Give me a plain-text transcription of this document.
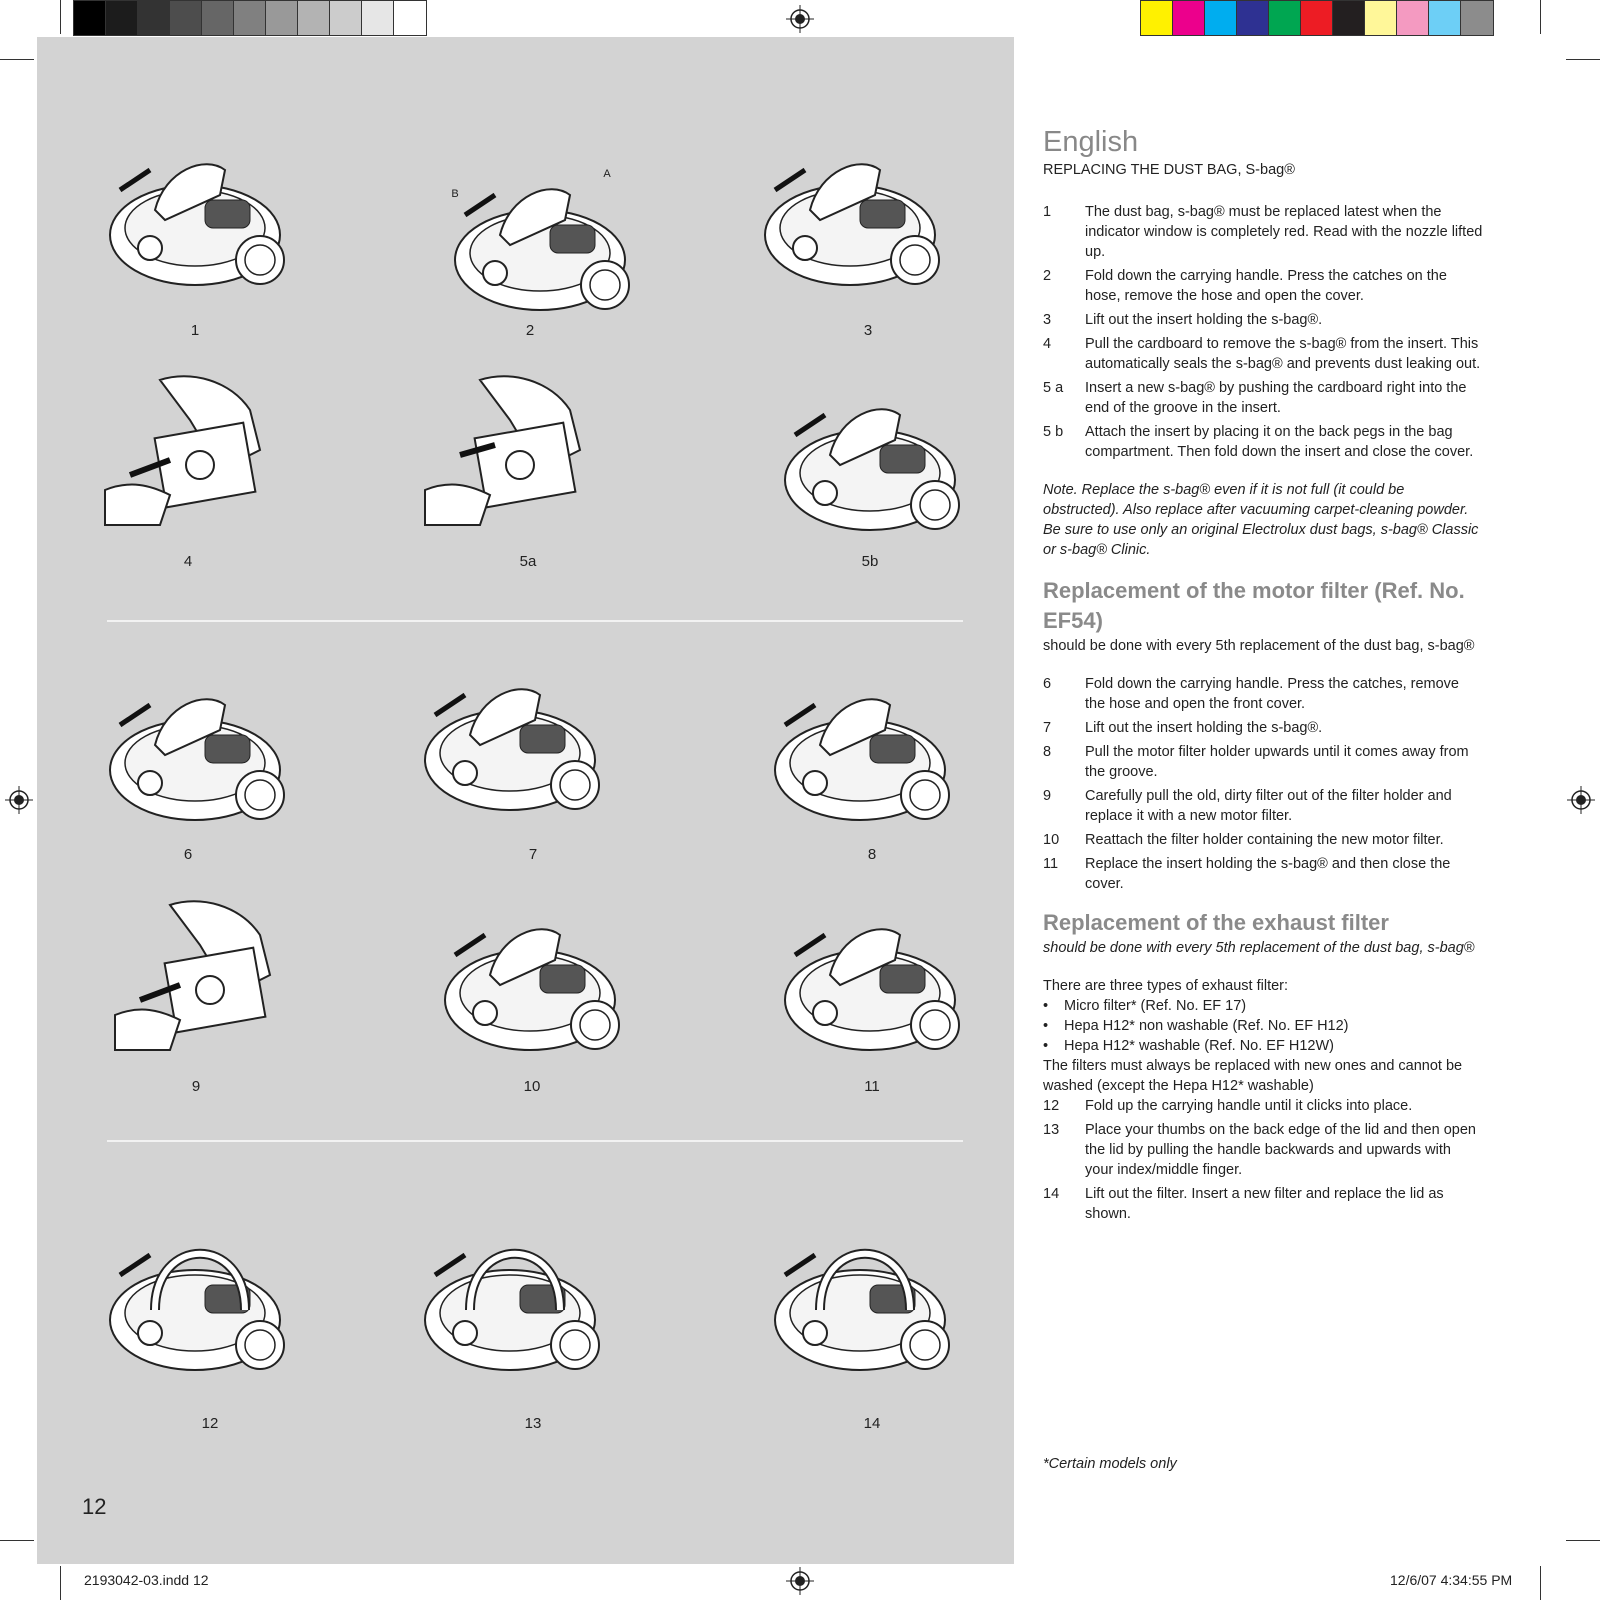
1	2	3
4	5a	5b
6	7	8
9	10	11
12	13	14
A
B
12
English
REPLACING THE DUST BAG, S-bag®
1	The dust bag, s-bag® must be replaced latest when the indicator window is completely red. Read with the nozzle lifted up.
2	Fold down the carrying handle. Press the catches on the hose, remove the hose and open the cover.
3	Lift out the insert holding the s-bag®.
4	Pull the cardboard to remove the s-bag® from the insert. This automatically seals the s-bag® and prevents dust leaking out.
5 a	Insert a new s-bag® by pushing the cardboard right into the end of the groove in the insert.
5 b	Attach the insert by placing it on the back pegs in the bag compartment. Then fold down the insert and close the cover.
Note. Replace the s-bag® even if it is not full (it could be obstructed). Also replace after vacuuming carpet-cleaning powder. Be sure to use only an original Electrolux dust bags, s-bag® Classic or s-bag® Clinic.
Replacement of the motor filter (Ref. No. EF54)
should be done with every 5th replacement of the dust bag, s-bag®
6	Fold down the carrying handle. Press the catches, remove the hose and open the front cover.
7	Lift out the insert holding the s-bag®.
8	Pull the motor filter holder upwards until it comes away from the groove.
9	Carefully pull the old, dirty filter out of the filter holder and replace it with a new motor filter.
10	Reattach the filter holder containing the new motor filter.
11	Replace the insert holding the s-bag® and then close the cover.
Replacement of the exhaust filter
should be done with every 5th replacement of the dust bag, s-bag®
There are three types of exhaust filter:
•	Micro filter* (Ref. No. EF 17)
•	Hepa H12* non washable (Ref. No. EF H12)
•	Hepa H12* washable (Ref. No. EF H12W)
The filters must always be replaced with new ones and cannot be washed (except the Hepa H12* washable)
12	Fold up the carrying handle until it clicks into place.
13	Place your thumbs on the back edge of the lid and then open the lid by pulling the handle backwards and upwards with your index/middle finger.
14	Lift out the filter. Insert a new filter and replace the lid as shown.
*Certain models only
2193042-03.indd 12	12/6/07 4:34:55 PM
